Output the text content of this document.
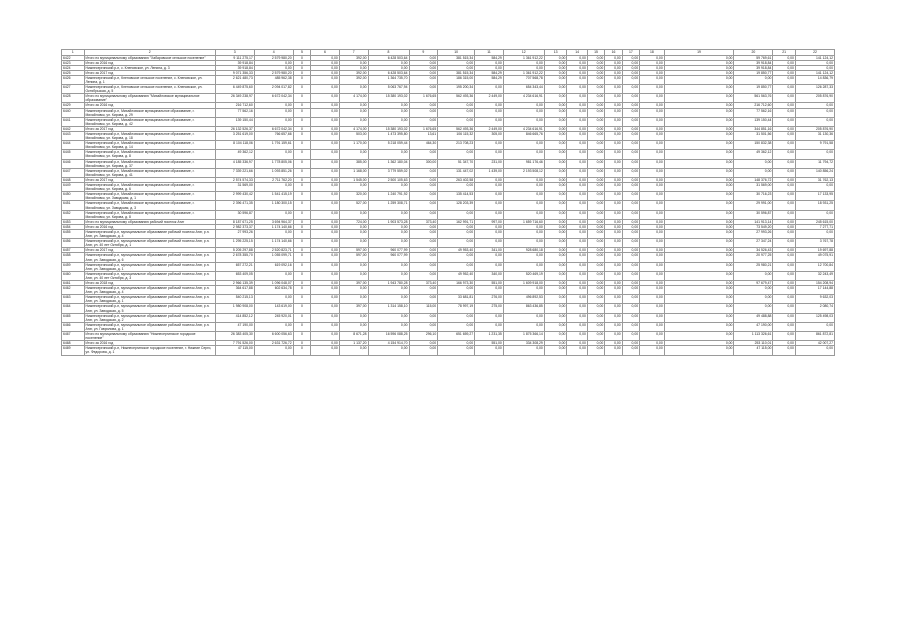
1	2	3	4	5	6	7	8	9	10	11	12	13	14	15	16	17	18	19	20	21	22
6422	Итого по муниципальному образованию "Хабаровское сельское поселение"	9 111 275,17	2 579 980,20	0	0,00	392,00	6 428 503,64	0,00	381 515,34	584,29	1 361 912,22	0,00	0,00	0,00	0,00	0,00	0,00	0,00	59 769,61	0,00	141 124,12
6423	Итого за 2016 год	39 918,84	0,00	0	0,00	0,00	0,00	0,00	0,00	0,00	0,00	0,00	0,00	0,00	0,00	0,00	0,00	0,00	39 918,84	0,00	0,00
6424	Нижнесергинский р-н, с. Кленовское, ул. Ленина, д. 3	39 918,84	0,00	0	0,00	0,00	0,00	0,00	0,00	0,00	0,00	0,00	0,00	0,00	0,00	0,00	0,00	0,00	39 918,84	0,00	0,00
6425	Итого за 2017 год	9 071 356,33	2 579 980,20	0	0,00	392,00	6 428 503,64	0,00	381 515,34	584,29	1 361 912,22	0,00	0,00	0,00	0,00	0,00	0,00	0,00	19 850,77	0,00	141 124,12
6426	Нижнесергинский р-н, Кленовское сельское поселение, с. Кленовское, ул. Ленина, д. 1	2 621 480,73	485 962,38	0	0,00	392,00	1 364 735,70	0,00	186 315,00	584,29	707 568,78	0,00	0,00	0,00	0,00	0,00	0,00	0,00	0,00	0,00	14 836,79
6427	Нижнесергинский р-н, Кленовское сельское поселение, с. Кленовское, ул. Октябрьская, д. 5	6 449 875,60	2 094 017,82	0	0,00	0,00	5 063 767,94	0,00	195 200,34	0,00	654 343,44	0,00	0,00	0,00	0,00	0,00	0,00	0,00	19 850,77	0,00	126 287,33
6428	Итого по муниципальному образованию "Михайловское муниципальное образование"	26 349 238,97	6 672 042,34	0	0,00	4 174,00	15 380 193,02	1 676,65	562 493,36	2 449,00	4 234 616,91	0,00	0,00	0,00	0,00	0,00	0,00	0,00	561 563,76	0,00	205 876,90
6429	Итого за 2016 год	216 712,60	0,00	0	0,00	0,00	0,00	0,00	0,00	0,00	0,00	0,00	0,00	0,00	0,00	0,00	0,00	0,00	216 712,60	0,00	0,00
6440	Нижнесергинский р-н, Михайловское муниципальное образование, г. Михайловск, ул. Кирова, д. 29	77 562,16	0,00	0	0,00	0,00	0,00	0,00	0,00	0,00	0,00	0,00	0,00	0,00	0,00	0,00	0,00	0,00	77 562,16	0,00	0,00
6441	Нижнесергинский р-н, Михайловское муниципальное образование, г. Михайловск, ул. Кирова, д. 42	139 150,44	0,00	0	0,00	0,00	0,00	0,00	0,00	0,00	0,00	0,00	0,00	0,00	0,00	0,00	0,00	0,00	139 150,44	0,00	0,00
6442	Итого за 2017 год	26 132 526,37	6 672 042,34	0	0,00	4 174,00	15 380 193,02	1 676,65	562 493,36	2 449,00	4 234 616,91	0,00	0,00	0,00	0,00	0,00	0,00	0,00	344 851,16	0,00	205 876,90
6443	Нижнесергинский р-н, Михайловское муниципальное образование, г. Михайловск, ул. Кирова, д. 18	3 251 619,00	766 657,66	0	0,00	503,00	1 473 395,80	13,61	106 115,32	305,00	846 665,76	0,00	0,00	0,00	0,00	0,00	0,00	0,00	31 501,56	0,00	31 130,36
6444	Нижнесергинский р-н, Михайловское муниципальное образование, г. Михайловск, ул. Кирова, д. 14	8 104 118,06	1 791 159,61	0	0,00	1 170,00	5 218 059,44	464,30	213 708,23	0,00	0,00	0,00	0,00	0,00	0,00	0,00	0,00	0,00	150 832,38	0,00	9 791,58
6445	Нижнесергинский р-н, Михайловское муниципальное образование, г. Михайловск, ул. Кирова, д. 8	49 362,12	0,00	0	0,00	0,00	0,00	0,00	0,00	0,00	0,00	0,00	0,00	0,00	0,00	0,00	0,00	0,00	49 362,12	0,00	0,00
6446	Нижнесергинский р-н, Михайловское муниципальное образование, г. Михайловск, ул. Кирова, д. 37	4 185 336,97	1 778 805,06	0	0,00	385,00	1 362 180,04	300,00	51 347,70	231,00	981 176,46	0,00	0,00	0,00	0,00	0,00	0,00	0,00	0,00	0,00	11 794,72
6447	Нижнесергинский р-н, Михайловское муниципальное образование, г. Михайловск, ул. Кирова, д. 41	7 339 221,66	1 093 851,26	0	0,00	1 168,00	3 779 559,02	0,00	131 447,02	1 439,00	2 193 508,12	0,00	0,00	0,00	0,00	0,00	0,00	0,00	0,00	0,00	140 856,24
6448	Итого за 2017 год	2 574 574,33	2 711 762,20	0	0,00	1 545,00	2 500 105,63	0,00	263 402,58	0,00	0,00	0,00	0,00	0,00	0,00	0,00	0,00	0,00	148 376,72	0,00	31 762,13
6449	Нижнесергинский р-н, Михайловское муниципальное образование, г. Михайловск, ул. Кирова, д. 6	31 569,00	0,00	0	0,00	0,00	0,00	0,00	0,00	0,00	0,00	0,00	0,00	0,00	0,00	0,00	0,00	0,00	31 569,00	0,00	0,00
6450	Нижнесергинский р-н, Михайловское муниципальное образование, г. Михайловск, ул. Заводская, д. 1	2 999 430,42	1 541 415,19	0	0,00	320,00	1 240 791,92	0,00	135 414,53	0,00	0,00	0,00	0,00	0,00	0,00	0,00	0,00	0,00	30 716,23	0,00	17 133,95
6451	Нижнесергинский р-н, Михайловское муниципальное образование, г. Михайловск, ул. Заводская, д. 3	2 396 471,35	1 180 300,15	0	0,00	527,00	1 259 308,71	0,00	128 203,39	0,00	0,00	0,00	0,00	0,00	0,00	0,00	0,00	0,00	29 991,00	0,00	18 931,25
6452	Нижнесергинский р-н, Михайловское муниципальное образование, г. Михайловск, ул. Кирова, д. 8	30 596,87	0,00	0	0,00	0,00	0,00	0,00	0,00	0,00	0,00	0,00	0,00	0,00	0,00	0,00	0,00	0,00	30 596,87	0,00	0,00
6453	Итого по муниципальному образованию рабочий поселок Атиг	8 187 671,25	3 694 964,37	0	0,00	724,00	1 903 573,28	373,40	162 991,71	997,00	1 659 716,60	0,00	0,00	0,00	0,00	0,00	0,00	0,00	141 913,14	0,00	245 615,00
6454	Итого за 2016 год	2 982 373,37	1 174 140,66	0	0,00	0,00	0,00	0,00	0,00	0,00	0,00	0,00	0,00	0,00	0,00	0,00	0,00	0,00	73 549,20	0,00	7 277,71
6455	Нижнесергинский р-н, муниципальное образование рабочий поселок Атиг, р.п. Атиг, ул. Заводская, д. 4	27 993,26	0,00	0	0,00	0,00	0,00	0,00	0,00	0,00	0,00	0,00	0,00	0,00	0,00	0,00	0,00	0,00	27 993,26	0,00	0,00
6456	Нижнесергинский р-н, муниципальное образование рабочий поселок Атиг, р.п. Атиг, ул. 40 лет Октября, д. 1	1 295 225,15	1 174 140,66	0	0,00	0,00	0,00	0,00	0,00	0,00	0,00	0,00	0,00	0,00	0,00	0,00	0,00	0,00	27 347,24	0,00	3 767,78
6457	Итого за 2017 год	5 205 297,88	2 520 823,71	0	0,00	597,00	960 077,99	0,00	49 953,40	341,00	928 680,18	0,00	0,00	0,00	0,00	0,00	0,00	0,00	34 526,43	0,00	19 697,88
6458	Нижнесергинский р-н, муниципальное образование рабочий поселок Атиг, р.п. Атиг, ул. Заводская, д. 6	2 678 355,70	1 055 099,71	0	0,00	597,00	960 077,99	0,00	0,00	0,00	0,00	0,00	0,00	0,00	0,00	0,00	0,00	0,00	20 977,25	0,00	49 075,91
6459	Нижнесергинский р-н, муниципальное образование рабочий поселок Атиг, р.п. Атиг, ул. Заводская, д. 1	657 272,21	619 092,16	0	0,00	0,00	0,00	0,00	0,00	0,00	0,00	0,00	0,00	0,00	0,00	0,00	0,00	0,00	25 980,21	0,00	12 700,84
6460	Нижнесергинский р-н, муниципальное образование рабочий поселок Атиг, р.п. Атиг, ул. 40 лет Октября, д. 3	653 409,05	0,00	0	0,00	0,00	0,00	0,00	49 952,40	340,00	520 469,19	0,00	0,00	0,00	0,00	0,00	0,00	0,00	0,00	0,00	32 243,49
6461	Итого за 2018 год	2 966 135,39	1 096 048,07	0	0,00	397,00	1 943 780,28	373,40	166 973,30	551,00	1 609 918,00	0,00	0,00	0,00	0,00	0,00	0,00	0,00	97 679,47	0,00	154 208,94
6462	Нижнесергинский р-н, муниципальное образование рабочий поселок Атиг, р.п. Атиг, ул. Заводская, д. 4	364 617,88	602 634,78	0	0,00	0,00	0,00	0,00	0,00	0,00	0,00	0,00	0,00	0,00	0,00	0,00	0,00	0,00	0,00	0,00	17 144,88
6463	Нижнесергинский р-н, муниципальное образование рабочий поселок Атиг, р.п. Атиг, ул. Заводская, д. 1	540 215,13	0,00	0	0,00	0,00	0,00	0,00	33 681,81	276,00	496 892,53	0,00	0,00	0,00	0,00	0,00	0,00	0,00	0,00	0,00	9 632,03
6464	Нижнесергинский р-н, муниципальное образование рабочий поселок Атиг, р.п. Атиг, ул. Заводская, д. 5	1 980 908,00	143 619,00	0	0,00	397,00	1 314 158,10	115,00	78 997,19	275,00	863 436,85	0,00	0,00	0,00	0,00	0,00	0,00	0,00	0,00	0,00	2 080,74
6465	Нижнесергинский р-н, муниципальное образование рабочий поселок Атиг, р.п. Атиг, ул. Заводская, д. 2	414 852,12	245 920,01	0	0,00	0,00	0,00	0,00	0,00	0,00	0,00	0,00	0,00	0,00	0,00	0,00	0,00	0,00	49 488,88	0,00	125 498,03
6466	Нижнесергинский р-н, муниципальное образование рабочий поселок Атиг, р.п. Атиг, ул. Гаврилова, д. 1	47 190,00	0,00	0	0,00	0,00	0,00	0,00	0,00	0,00	0,00	0,00	0,00	0,00	0,00	0,00	0,00	0,00	47 190,00	0,00	0,00
6467	Итого по муниципальному образованию "Нижнесергинское городское поселение"	26 383 405,30	6 600 056,63	0	0,00	8 671,28	16 596 088,25	296,10	651 659,27	1 231,35	1 875 366,14	0,00	0,00	0,00	0,00	0,00	0,00	0,00	1 113 326,61	0,00	861 872,81
6468	Итого за 2016 год	7 791 526,00	2 631 726,72	0	0,00	1 137,20	4 154 914,70	0,00	0,00	551,00	334 308,29	0,00	0,00	0,00	0,00	0,00	0,00	0,00	253 110,01	0,00	42 007,27
6469	Нижнесергинский р-н, Нижнесергинское городское поселение, г. Нижние Серги, ул. Федорова, д. 1	47 115,00	0,00	0	0,00	0,00	0,00	0,00	0,00	0,00	0,00	0,00	0,00	0,00	0,00	0,00	0,00	0,00	47 115,00	0,00	0,00
